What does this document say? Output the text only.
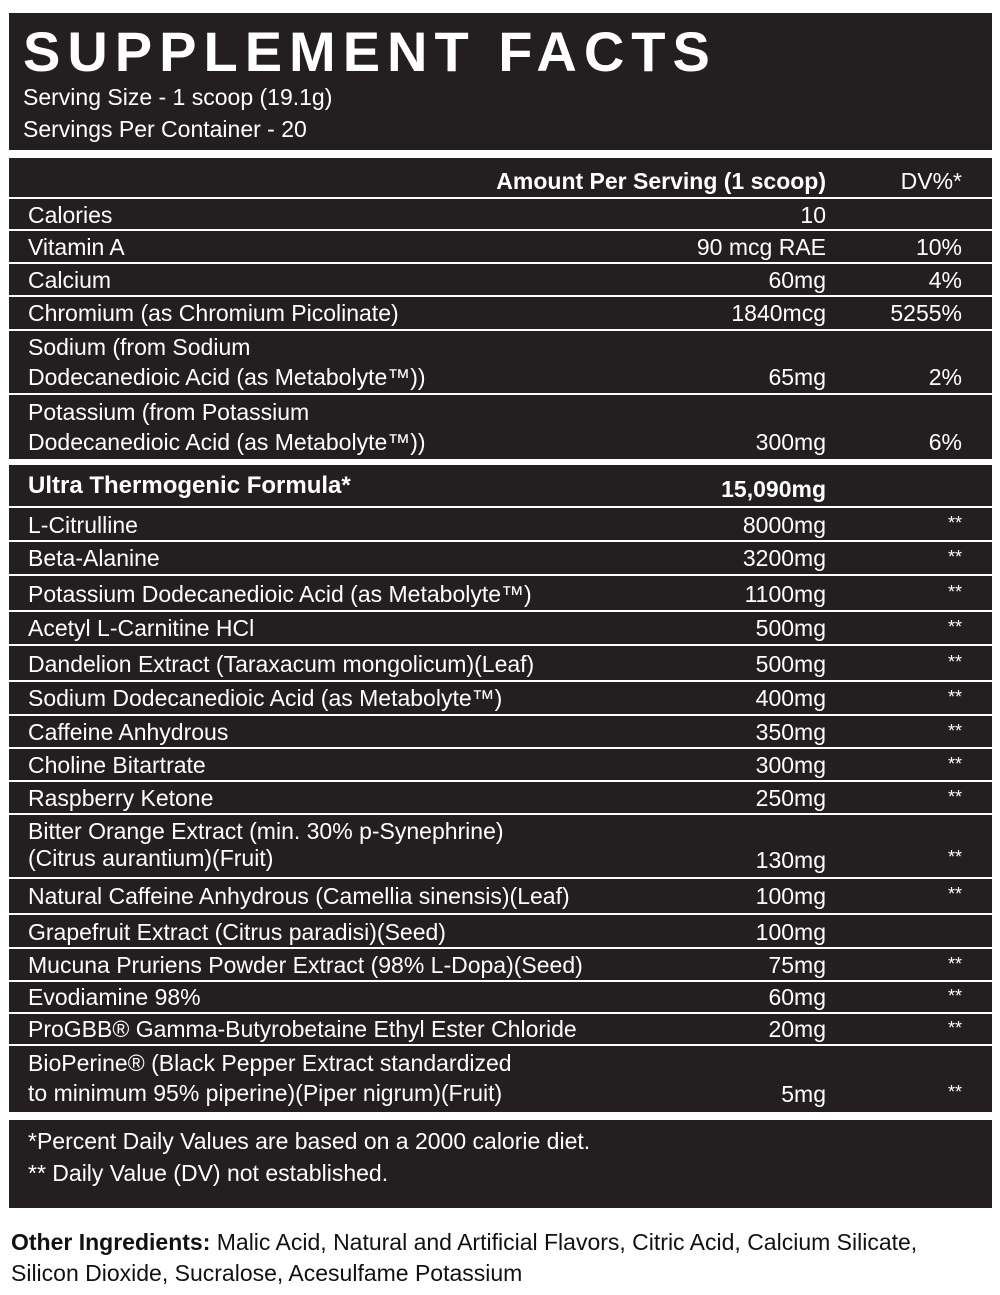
SUPPLEMENT FACTS
Serving Size - 1 scoop (19.1g)
Servings Per Container - 20
Amount Per Serving (1 scoop)	DV%*
Calories	10
Vitamin A	90 mcg RAE	10%
Calcium	60mg	4%
Chromium (as Chromium Picolinate)	1840mcg	5255%
Sodium (from Sodium
Dodecanedioic Acid (as Metabolyte™))	65mg	2%
Potassium (from Potassium
Dodecanedioic Acid (as Metabolyte™))	300mg	6%
Ultra Thermogenic Formula*	15,090mg
L-Citrulline	8000mg	**
Beta-Alanine	3200mg	**
Potassium Dodecanedioic Acid (as Metabolyte™)	1100mg	**
Acetyl L-Carnitine HCl	500mg	**
Dandelion Extract (Taraxacum mongolicum)(Leaf)	500mg	**
Sodium Dodecanedioic Acid (as Metabolyte™)	400mg	**
Caffeine Anhydrous	350mg	**
Choline Bitartrate	300mg	**
Raspberry Ketone	250mg	**
Bitter Orange Extract (min. 30% p-Synephrine)
(Citrus aurantium)(Fruit)	130mg	**
Natural Caffeine Anhydrous (Camellia sinensis)(Leaf)	100mg	**
Grapefruit Extract (Citrus paradisi)(Seed)	100mg
Mucuna Pruriens Powder Extract (98% L-Dopa)(Seed)	75mg	**
Evodiamine 98%	60mg	**
ProGBB® Gamma-Butyrobetaine Ethyl Ester Chloride	20mg	**
BioPerine® (Black Pepper Extract standardized
to minimum 95% piperine)(Piper nigrum)(Fruit)	5mg	**
*Percent Daily Values are based on a 2000 calorie diet.
** Daily Value (DV) not established.
Other Ingredients: Malic Acid, Natural and Artificial Flavors, Citric Acid, Calcium Silicate, Silicon Dioxide, Sucralose, Acesulfame Potassium
